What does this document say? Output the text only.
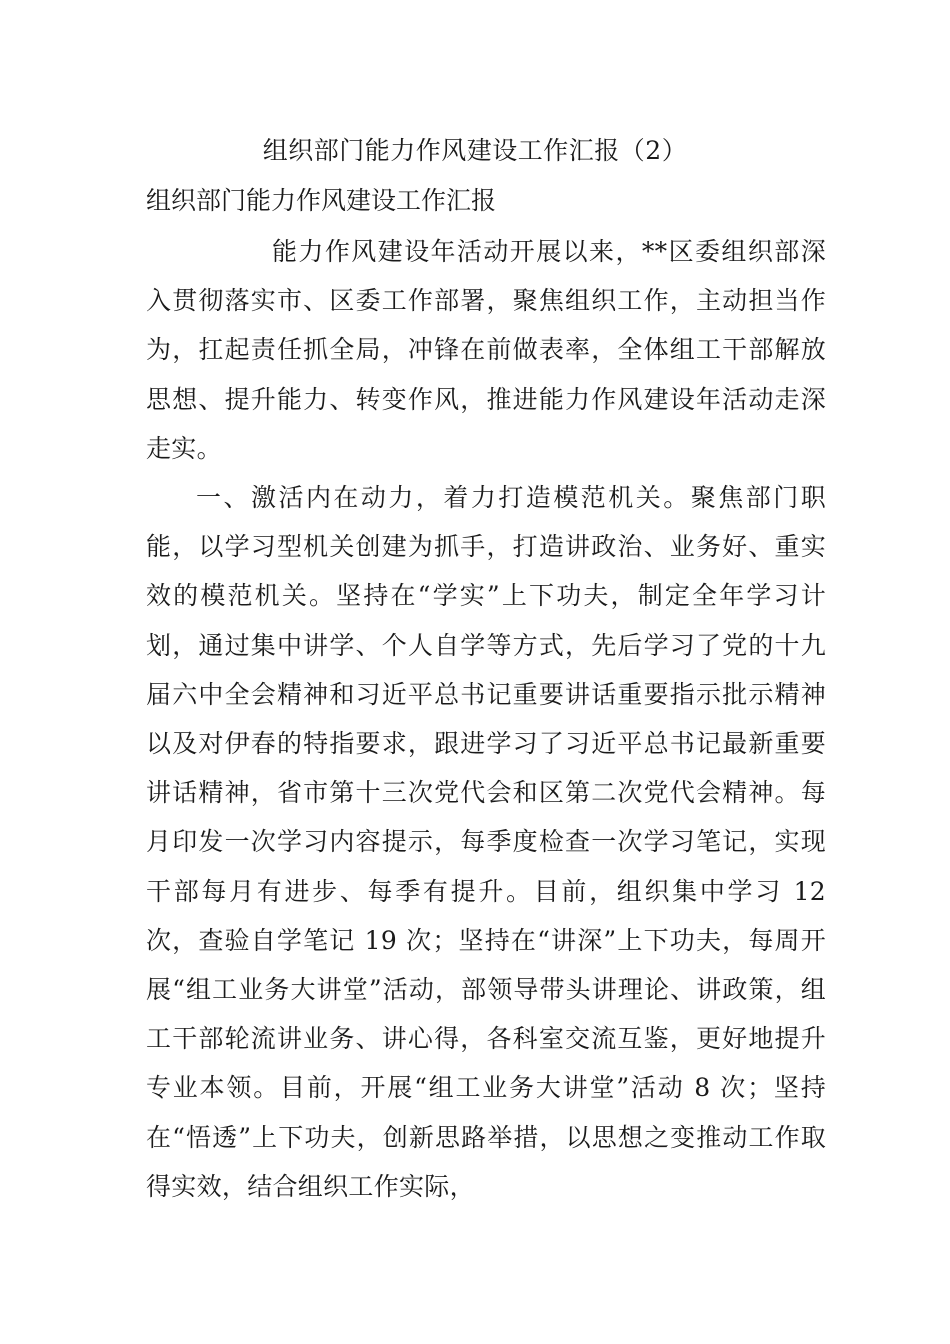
组织部门能力作风建设工作汇报（2）
组织部门能力作风建设工作汇报

能力作风建设年活动开展以来，**区委组织部深入贯彻落实市、区委工作部署，聚焦组织工作，主动担当作为，扛起责任抓全局，冲锋在前做表率，全体组工干部解放思想、提升能力、转变作风，推进能力作风建设年活动走深走实。

一、激活内在动力，着力打造模范机关。聚焦部门职能，以学习型机关创建为抓手，打造讲政治、业务好、重实效的模范机关。坚持在“学实”上下功夫，制定全年学习计划，通过集中讲学、个人自学等方式，先后学习了党的十九届六中全会精神和习近平总书记重要讲话重要指示批示精神以及对伊春的特指要求，跟进学习了习近平总书记最新重要讲话精神，省市第十三次党代会和区第二次党代会精神。每月印发一次学习内容提示，每季度检查一次学习笔记，实现干部每月有进步、每季有提升。目前，组织集中学习 12 次，查验自学笔记 19 次；坚持在“讲深”上下功夫，每周开展“组工业务大讲堂”活动，部领导带头讲理论、讲政策，组工干部轮流讲业务、讲心得，各科室交流互鉴，更好地提升专业本领。目前，开展“组工业务大讲堂”活动 8 次；坚持在“悟透”上下功夫，创新思路举措，以思想之变推动工作取得实效，结合组织工作实际，
